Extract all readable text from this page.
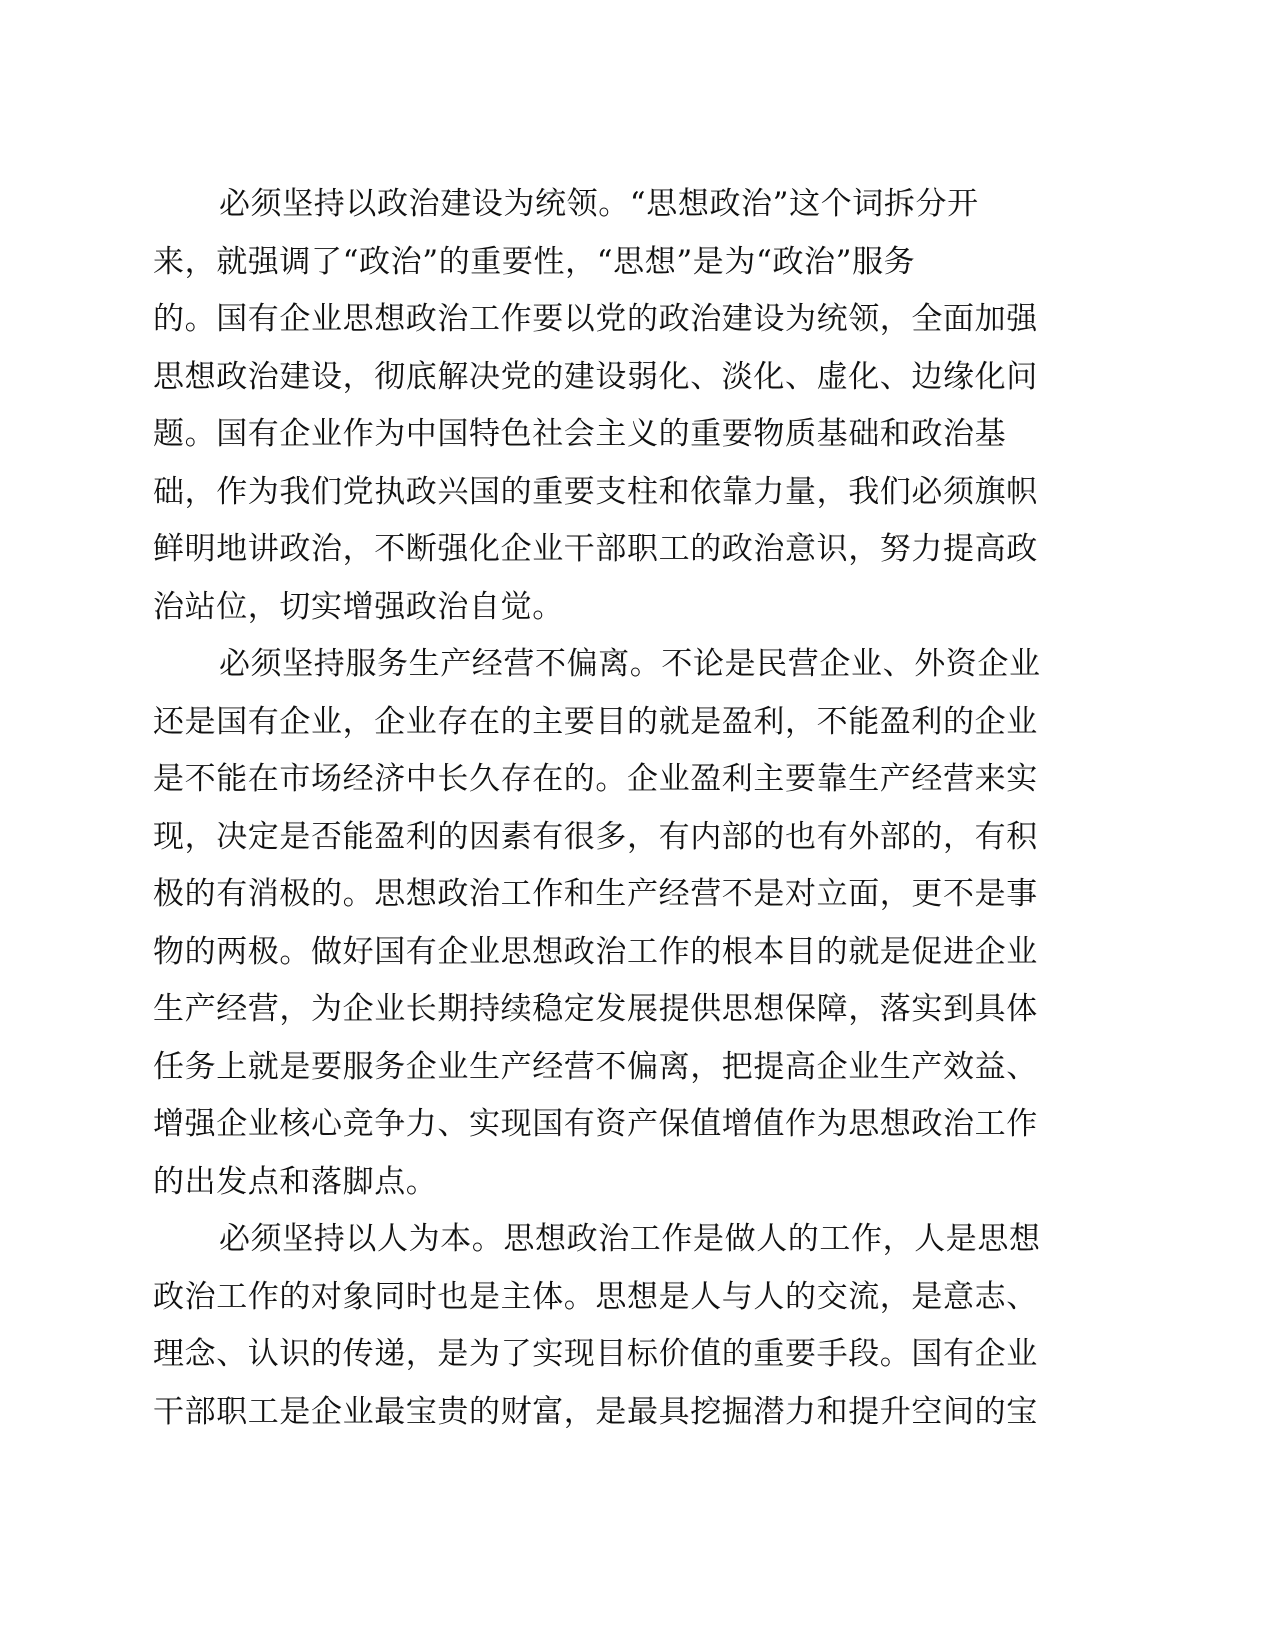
必须坚持以政治建设为统领。“思想政治”这个词拆分开
来，就强调了“政治”的重要性，“思想”是为“政治”服务
的。国有企业思想政治工作要以党的政治建设为统领，全面加强
思想政治建设，彻底解决党的建设弱化、淡化、虚化、边缘化问
题。国有企业作为中国特色社会主义的重要物质基础和政治基
础，作为我们党执政兴国的重要支柱和依靠力量，我们必须旗帜
鲜明地讲政治，不断强化企业干部职工的政治意识，努力提高政
治站位，切实增强政治自觉。
必须坚持服务生产经营不偏离。不论是民营企业、外资企业
还是国有企业，企业存在的主要目的就是盈利，不能盈利的企业
是不能在市场经济中长久存在的。企业盈利主要靠生产经营来实
现，决定是否能盈利的因素有很多，有内部的也有外部的，有积
极的有消极的。思想政治工作和生产经营不是对立面，更不是事
物的两极。做好国有企业思想政治工作的根本目的就是促进企业
生产经营，为企业长期持续稳定发展提供思想保障，落实到具体
任务上就是要服务企业生产经营不偏离，把提高企业生产效益、
增强企业核心竞争力、实现国有资产保值增值作为思想政治工作
的出发点和落脚点。
必须坚持以人为本。思想政治工作是做人的工作，人是思想
政治工作的对象同时也是主体。思想是人与人的交流，是意志、
理念、认识的传递，是为了实现目标价值的重要手段。国有企业
干部职工是企业最宝贵的财富，是最具挖掘潜力和提升空间的宝
